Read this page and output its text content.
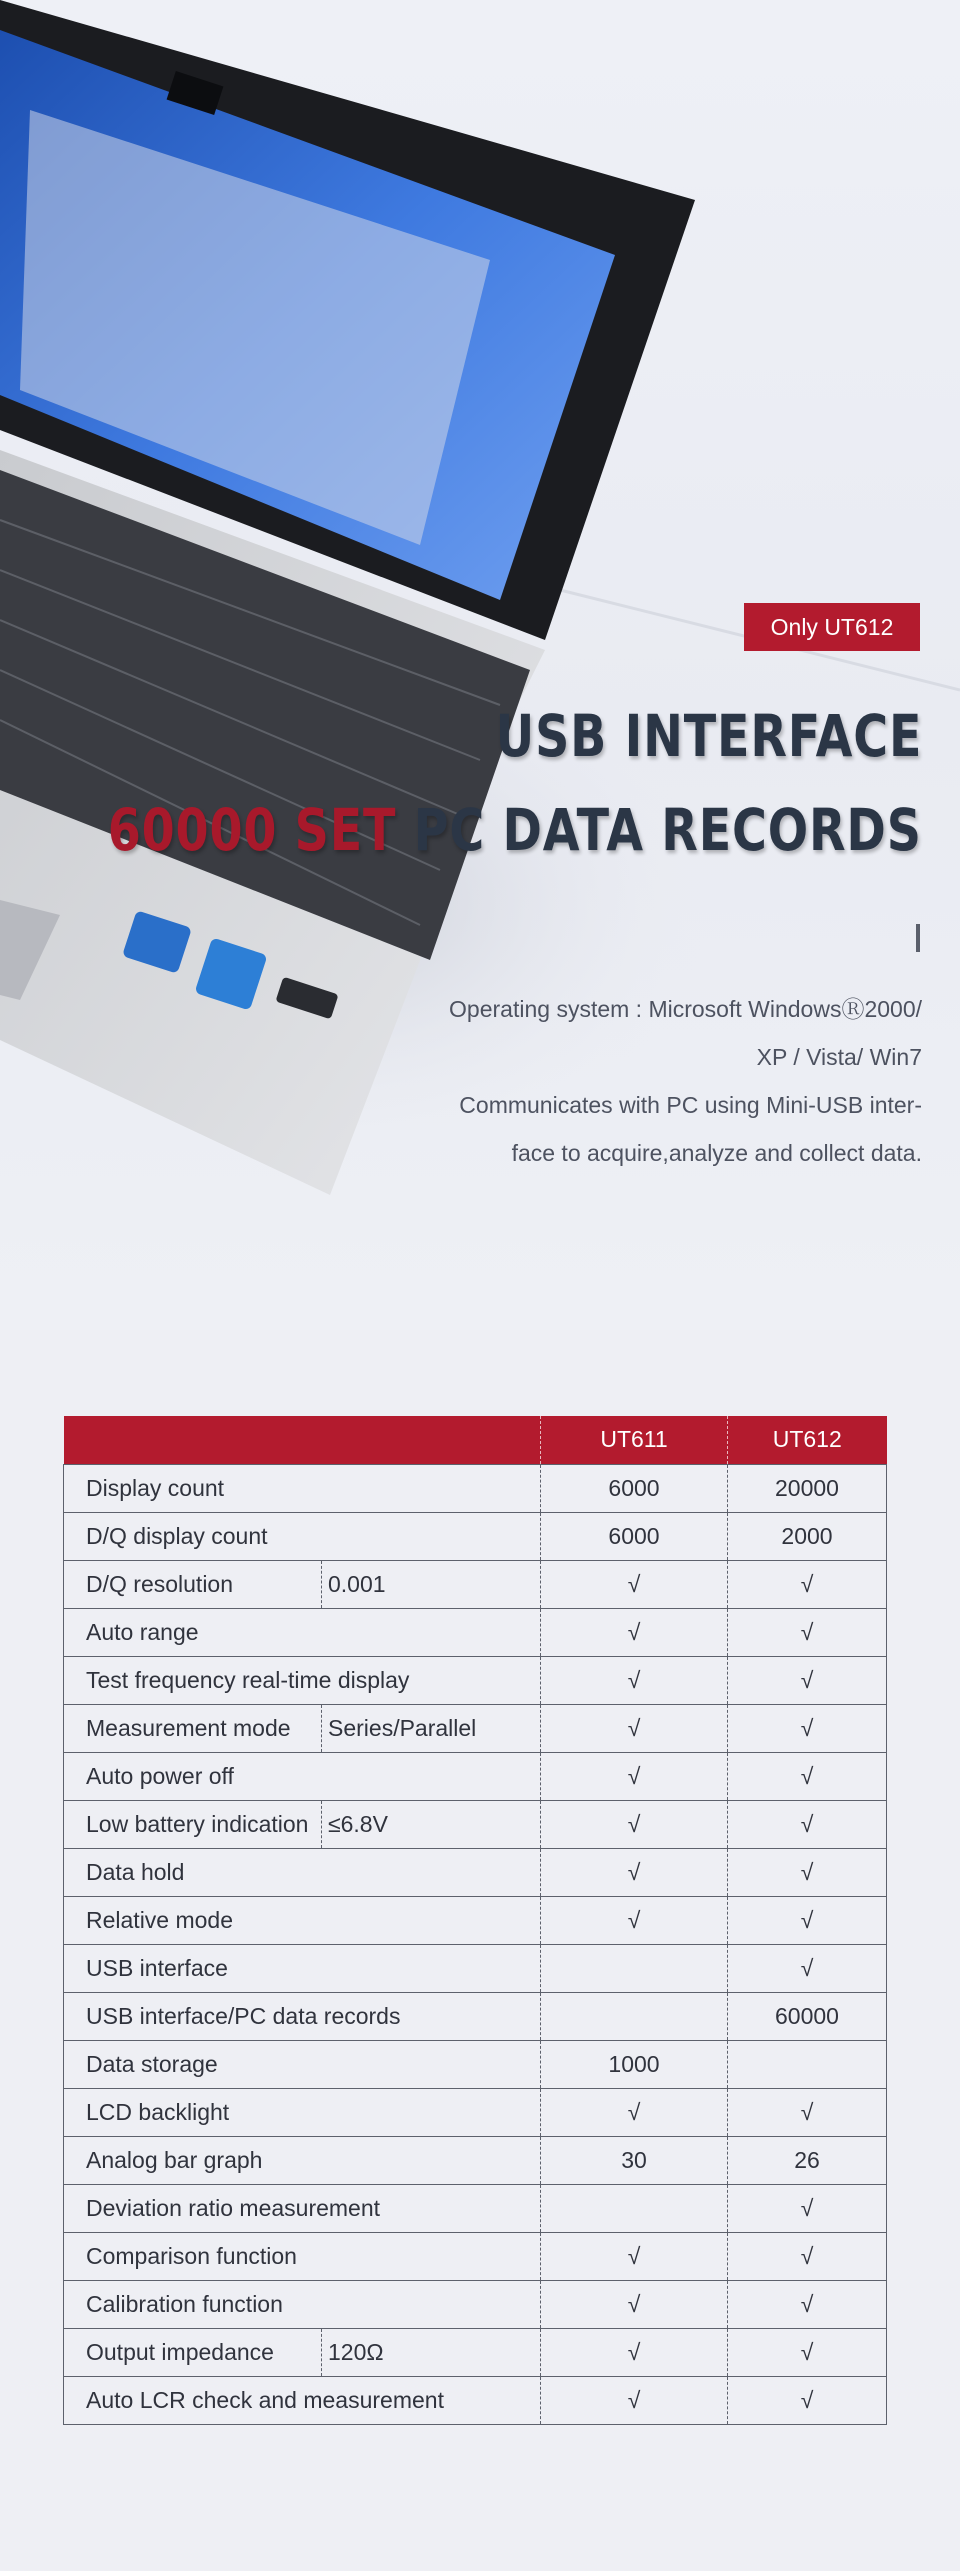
Only UT612
USB INTERFACE
60000 SET PC DATA RECORDS
Operating system : Microsoft WindowsⓇ2000/
XP / Vista/ Win7
Communicates with PC using Mini-USB inter-
face to acquire,analyze and collect data.
		UT611	UT612
Display count		6000	20000
D/Q display count		6000	2000
D/Q resolution	0.001	√	√
Auto range		√	√
Test frequency real-time display		√	√
Measurement mode	Series/Parallel	√	√
Auto power off		√	√
Low battery indication	≤6.8V	√	√
Data hold		√	√
Relative mode		√	√
USB interface			√
USB interface/PC data records			60000
Data storage		1000	
LCD backlight		√	√
Analog bar graph		30	26
Deviation ratio measurement			√
Comparison function		√	√
Calibration function		√	√
Output impedance	120Ω	√	√
Auto LCR check and measurement		√	√
